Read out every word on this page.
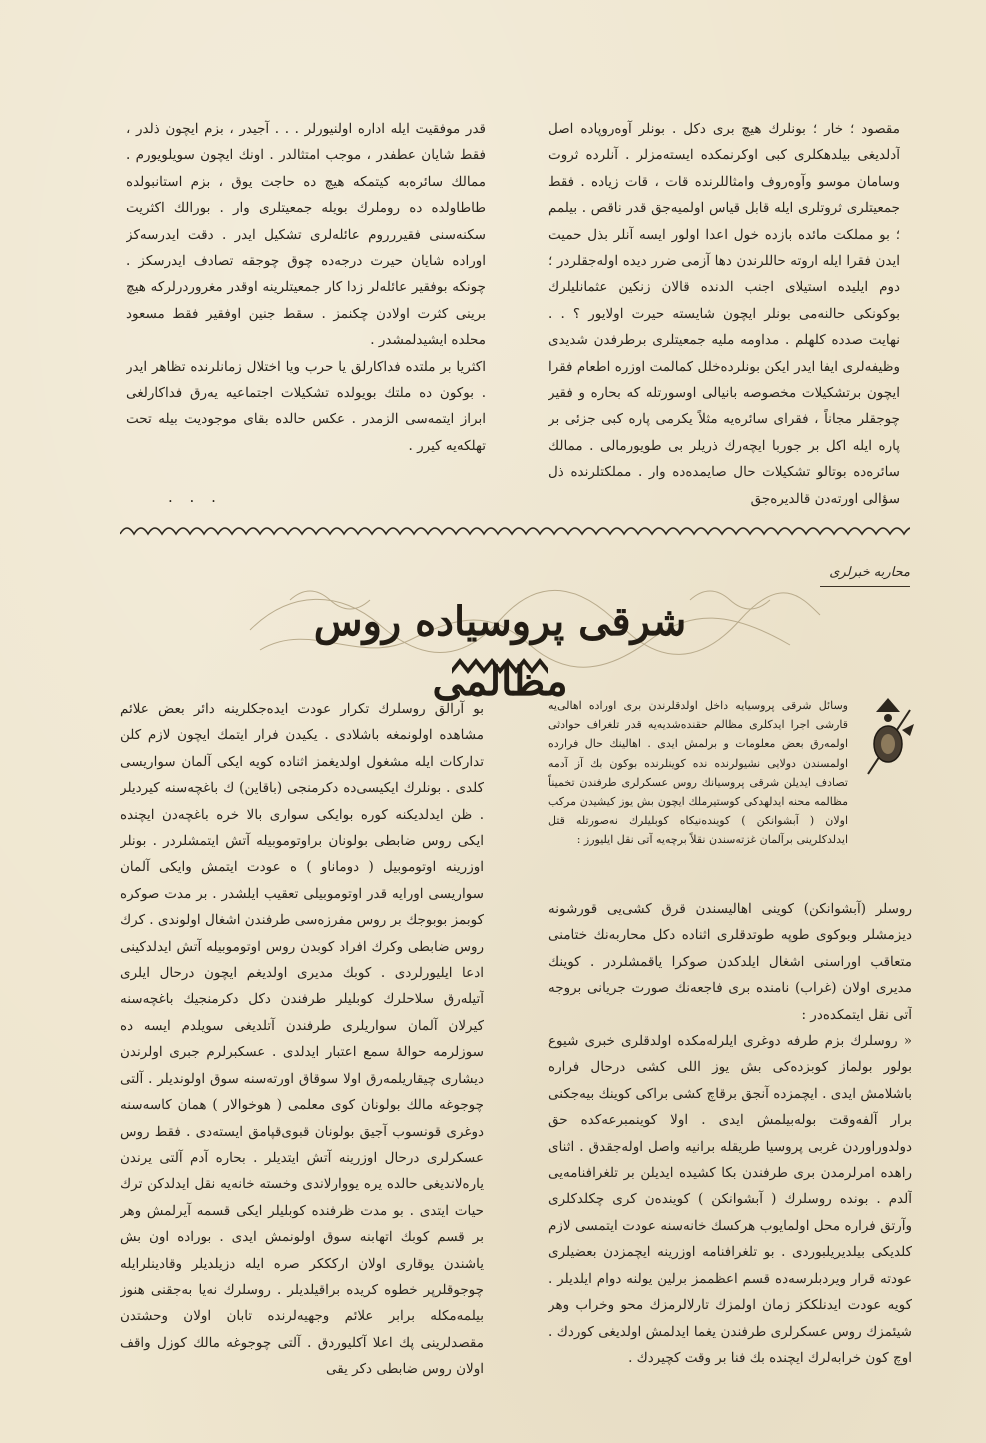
مقصود ؛ خار ؛ بونلرك هیچ بری دكل . بونلر آوه‌روپاده اصل آدلديغی بيلدهكلری كبی اوكرنمكده ايسته‌مزلر . آنلرده ثروت وسامان موسو وآوه‌روف وامثاللرنده قات ، قات زياده . فقط جمعيتلری ثروتلری ايله قابل قياس اولميه‌جق قدر ناقص . بيلمم ؛ بو مملكت مائده بازده خول اعدا اولور ايسه آنلر بذل حميت ايدن فقرا ايله اروته حاللرندن دها آزمی ضرر ديده اوله‌جقلردر ؛ دوم ايليده استيلای اجنب الدنده قالان زنكين عثمانليلرك بوكونكی حالنه‌مى بونلر ايچون شايسته حيرت اولايور ؟ . . نهايت صدده كلهلم . مداومه مليه جمعيتلری برطرفدن شديدی وظيفه‌لری ايفا ايدر ايكن بونلرده‌خلل كمالمت اوزره اطعام فقرا ايچون برتشكيلات مخصوصه بانيالی اوسورتله كه بحاره و فقير چوجقلر مجاناً ، فقرای سائره‌يه مثلاً يكرمی پاره كبی جزئی بر پاره ايله اكل بر جوربا ايچه‌رك ذريلر بی طويورمالی . ممالك سائره‌ده بوتالو تشكيلات حال صايمده‌ده وار . مملكتلرنده ذل سؤالی اورته‌دن قالديره‌جق

قدر موفقيت ايله اداره اولنيورلر . . . آجيدر ، بزم ايچون ذلدر ، فقط شايان عطفدر ، موجب امتثالدر . اونك ايچون سويلويورم . ممالك سائره‌به كيتمكه هيچ ده حاجت يوق ، بزم استانبولده طاطاولده ده روملرك بويله جمعيتلری وار . بورالك اكثريت سكنه‌سنی فقيررروم عائلەلری تشكيل ايدر . دقت ايدرسه‌كز اوراده شايان حيرت درجه‌ده چوق چوجقه تصادف ايدرسكز . چونكه بوفقير عائله‌لر زدا كار جمعيتلرينه اوقدر مغروردرلركه هيچ برينی كثرت اولادن چكنمز . سقط جنين اوفقير فقط مسعود محلده ايشيدلمشدر .

اكثريا بر ملتده فداكارلق يا حرب ويا اختلال زمانلرنده تظاهر ايدر . بوكون ده ملتك بويولده تشكيلات اجتماعيه يه‌رق فداكارلغی ابراز ايتمه‌سی الزمدر . عكس حالده بقای موجوديت بيله تحت تهلكه‌يه كيرر .

. . .
محاربه خبرلری
شرقی پروسيادە روس مظالمی

وسائل شرقی پروسيايه داخل اولدقلرندن بری اوراده اهالی‌يه قارشی اجرا ايدكلری مظالم حقنده‌شديه‌يه قدر تلغراف حوادثی اولمه‌رق بعض معلومات و برلمش ايدی . اهالينك حال فراردە اولمسندن دولايی نشيولرنده نده كوينلرنده بوكون بك آز آدمه تصادف ايدیلن شرقی پروسيانك روس عسكرلری طرفندن تخميناً مظالمه محنه ايدلهدكی كوستيرملك ايچون بش يوز كيشيدن مركب اولان ( آبشوانكن ) كوينده‌نيكاه كوبليلرك نەصورتله قتل ايدلدكلرينی برآلمان غزته‌سندن نقلاً برچه‌يه آتی نقل ايليورز :

روسلر (آبشوانكن) كوينی اهاليسندن قرق كشی‌يی قورشونه ديزمشلر وبوكوی طوپه طوتدقلری اثناده دكل محاربه‌نك ختامنی متعاقب اوراسنی اشغال ايلدكدن صوكرا ياقمشلردر . كوينك مديری اولان (غراب) نامنده بری فاجعه‌نك صورت جريانی بروجه آتی نقل ايتمكده‌در :

« روسلرك بزم طرفه دوغری ايلرله‌مكده اولدقلری خبری شيوع بولور بولماز كوبزده‌كی بش يوز اللی كشی درحال فراره باشلامش ايدی . ايچمزده آنجق برقاچ كشی براكی كوينك بيه‌جكنی برار آلفه‌وقت بوله‌بيلمش ايدی . اولا كوينمبرعه‌كده حق دولدوراوردن غربی پروسيا طريقله برانيه واصل اوله‌جقدق . اثنای راهده امرلرمدن بری طرفندن بكا كشيده ايدیلن بر تلغرافنامه‌يی آلدم . بونده روسلرك ( آبشوانكن ) كوينده‌ن كری چكلدكلری وآرتق فراره محل اولمايوب هركسك خانه‌سنه عودت ايتمسی لازم كلديكی بيلديريلبوردی . بو تلغرافنامه اوزرينه ايچمزدن بعضيلری عودته قرار ويردبلرسه‌ده قسم اعظممز برلين يولنه دوام ايلديلر . كويه عودت ايدنلككز زمان اولمزك تارلالرمزك محو وخراب وهر شيئمزك روس عسكرلری طرفندن يغما ايدلمش اولديغی كوردك . اوچ كون خرابه‌لرك ايچنده بك فنا بر وقت كچيردك .

بو آرالق روسلرك تكرار عودت ايده‌جكلرينه دائر بعض علائم مشاهده اولونمغه باشلادی . يكيدن فرار ايتمك ايچون لازم كلن تداركات ايله مشغول اولديغمز اثناده كويه ايكی آلمان سواریسی كلدی . بونلرك ايكيسی‌ده دكرمنجی (باقاين) ك باغچه‌سنه كيرديلر . ظن ايدلديكنه كوره بوايكی سواری بالا خره باغچه‌دن ايچنده ايكی روس ضابطی بولونان براوتوموبيله آتش ايتمشلردر . بونلر اوزرينه اوتوموبيل ( دوماناو ) ه عودت ايتمش وايكی آلمان سواریسی اورايه قدر اوتوموبيلی تعقيب ايلشدر . بر مدت صوكره كوبمز بوبوجك بر روس مفرزه‌سی طرفندن اشغال اولوندی . كرك روس ضابطی وكرك افراد كوبدن روس اوتوموبيله آتش ايدلدكينی ادعا ايليورلردی . كوبك مديری اولديغم ايچون درحال ايلری آتيله‌رق سلاحلرك كوبليلر طرفندن دكل دكرمنجيك باغچه‌سنه كيرلان آلمان سواريلری طرفندن آتلديغی سويلدم ايسه ده سوزلرمه حوالهٔ سمع اعتبار ايدلدی . عسكبرلرم جبری اولرندن دیشاری چيقاريلمه‌رق اولا سوقاق اورته‌سنه سوق اولونديلر . آلتی چوجوغه مالك بولونان كوی معلمی ( هوخوالار ) همان كاسه‌سنه دوغری قونسوب آجيق بولونان قبوی‌قپامق ايسته‌دی . فقط روس عسكرلری درحال اوزرينه آتش ايتديلر . بحاره آدم آلتی يرندن ياره‌لانديغی حالده يره يووارلاندی وخسته خانه‌يه نقل ايدلدكن ترك حيات ايتدی . بو مدت ظرفنده كوبليلر ايكی قسمه آيرلمش وهر بر قسم كوبك اتهابنه سوق اولونمش ايدی . بوراده اون بش ياشندن يوقاری اولان اركككر صره ايله دزيلديلر وقادينلرايله چوجوقلرپر خطوه كريده براقيلديلر . روسلرك نه‌يا به‌جقنی هنوز بيلمه‌مكله برابر علائم وجهيه‌لرنده تابان اولان وحشتدن مقصدلرينی پك اعلا آكليوردق . آلتی چوجوغه مالك كوزل واقف اولان روس ضابطی دكر يقی
